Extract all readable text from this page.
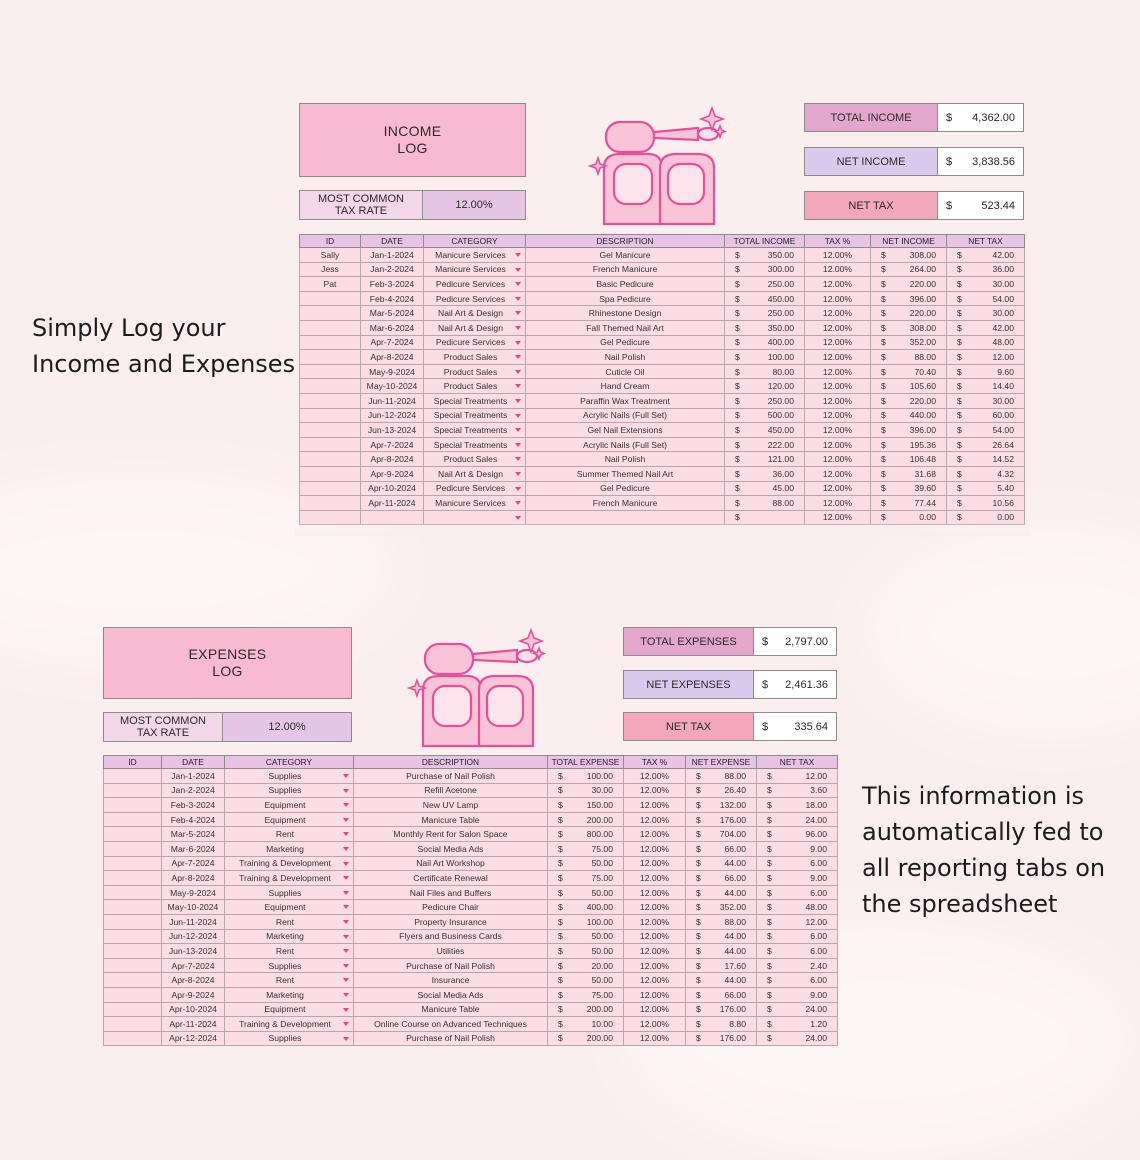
Simply Log your
Income and Expenses
This information is
automatically fed to
all reporting tabs on
the spreadsheet
INCOME
LOG
MOST COMMON
TAX RATE	12.00%
TOTAL INCOME	$ 4,362.00
NET INCOME	$ 3,838.56
NET TAX	$	523.44
ID	DATE	CATEGORY	DESCRIPTION	TOTAL INCOME	TAX %	NET INCOME	NET TAX
Sally	Jan-1-2024	Manicure Services	Gel Manicure	$ 350.00	12.00%	$ 308.00	$ 42.00

Jess	Jan-2-2024	Manicure Services	French Manicure	$ 300.00	12.00%	$ 264.00	$ 36.00

Pat	Feb-3-2024	Pedicure Services	Basic Pedicure	$ 250.00	12.00%	$ 220.00	$ 30.00

	Feb-4-2024	Pedicure Services	Spa Pedicure	$ 450.00	12.00%	$ 396.00	$ 54.00

	Mar-5-2024	Nail Art & Design	Rhinestone Design	$ 250.00	12.00%	$ 220.00	$ 30.00

	Mar-6-2024	Nail Art & Design	Fall Themed Nail Art	$ 350.00	12.00%	$ 308.00	$ 42.00

	Apr-7-2024	Pedicure Services	Gel Pedicure	$ 400.00	12.00%	$ 352.00	$ 48.00

	Apr-8-2024	Product Sales	Nail Polish	$ 100.00	12.00%	$ 88.00	$ 12.00

	May-9-2024	Product Sales	Cuticle Oil	$ 80.00	12.00%	$ 70.40	$ 9.60

	May-10-2024	Product Sales	Hand Cream	$ 120.00	12.00%	$ 105.60	$ 14.40

	Jun-11-2024	Special Treatments	Paraffin Wax Treatment	$ 250.00	12.00%	$ 220.00	$ 30.00

	Jun-12-2024	Special Treatments	Acrylic Nails (Full Set)	$ 500.00	12.00%	$ 440.00	$ 60.00

	Jun-13-2024	Special Treatments	Gel Nail Extensions	$ 450.00	12.00%	$ 396.00	$ 54.00

	Apr-7-2024	Special Treatments	Acrylic Nails (Full Set)	$ 222.00	12.00%	$ 195.36	$ 26.64

	Apr-8-2024	Product Sales	Nail Polish	$ 121.00	12.00%	$ 106.48	$ 14.52

	Apr-9-2024	Nail Art & Design	Summer Themed Nail Art	$ 36.00	12.00%	$ 31.68	$ 4.32

	Apr-10-2024	Pedicure Services	Gel Pedicure	$ 45.00	12.00%	$ 39.60	$ 5.40

	Apr-11-2024	Manicure Services	French Manicure	$ 88.00	12.00%	$ 77.44	$ 10.56

				$	12.00%	$ 0.00	$ 0.00
EXPENSES
LOG
MOST COMMON
TAX RATE	12.00%
TOTAL EXPENSES	$ 2,797.00
NET EXPENSES	$ 2,461.36
NET TAX	$ 335.64
ID	DATE	CATEGORY	DESCRIPTION	TOTAL EXPENSE	TAX %	NET EXPENSE	NET TAX
	Jan-1-2024	Supplies	Purchase of Nail Polish	$ 100.00	12.00%	$ 88.00	$ 12.00

	Jan-2-2024	Supplies	Refill Acetone	$ 30.00	12.00%	$ 26.40	$ 3.60

	Feb-3-2024	Equipment	New UV Lamp	$ 150.00	12.00%	$ 132.00	$ 18.00

	Feb-4-2024	Equipment	Manicure Table	$ 200.00	12.00%	$ 176.00	$ 24.00

	Mar-5-2024	Rent	Monthly Rent for Salon Space	$ 800.00	12.00%	$ 704.00	$ 96.00

	Mar-6-2024	Marketing	Social Media Ads	$ 75.00	12.00%	$ 66.00	$ 9.00

	Apr-7-2024	Training & Development	Nail Art Workshop	$ 50.00	12.00%	$ 44.00	$ 6.00

	Apr-8-2024	Training & Development	Certificate Renewal	$ 75.00	12.00%	$ 66.00	$ 9.00

	May-9-2024	Supplies	Nail Files and Buffers	$ 50.00	12.00%	$ 44.00	$ 6.00

	May-10-2024	Equipment	Pedicure Chair	$ 400.00	12.00%	$ 352.00	$ 48.00

	Jun-11-2024	Rent	Property Insurance	$ 100.00	12.00%	$ 88.00	$ 12.00

	Jun-12-2024	Marketing	Flyers and Business Cards	$ 50.00	12.00%	$ 44.00	$ 6.00

	Jun-13-2024	Rent	Utilities	$ 50.00	12.00%	$ 44.00	$ 6.00

	Apr-7-2024	Supplies	Purchase of Nail Polish	$ 20.00	12.00%	$ 17.60	$ 2.40

	Apr-8-2024	Rent	Insurance	$ 50.00	12.00%	$ 44.00	$ 6.00

	Apr-9-2024	Marketing	Social Media Ads	$ 75.00	12.00%	$ 66.00	$ 9.00

	Apr-10-2024	Equipment	Manicure Table	$ 200.00	12.00%	$ 176.00	$ 24.00

	Apr-11-2024	Training & Development	Online Course on Advanced Techniques	$ 10.00	12.00%	$ 8.80	$ 1.20

	Apr-12-2024	Supplies	Purchase of Nail Polish	$ 200.00	12.00%	$ 176.00	$ 24.00
